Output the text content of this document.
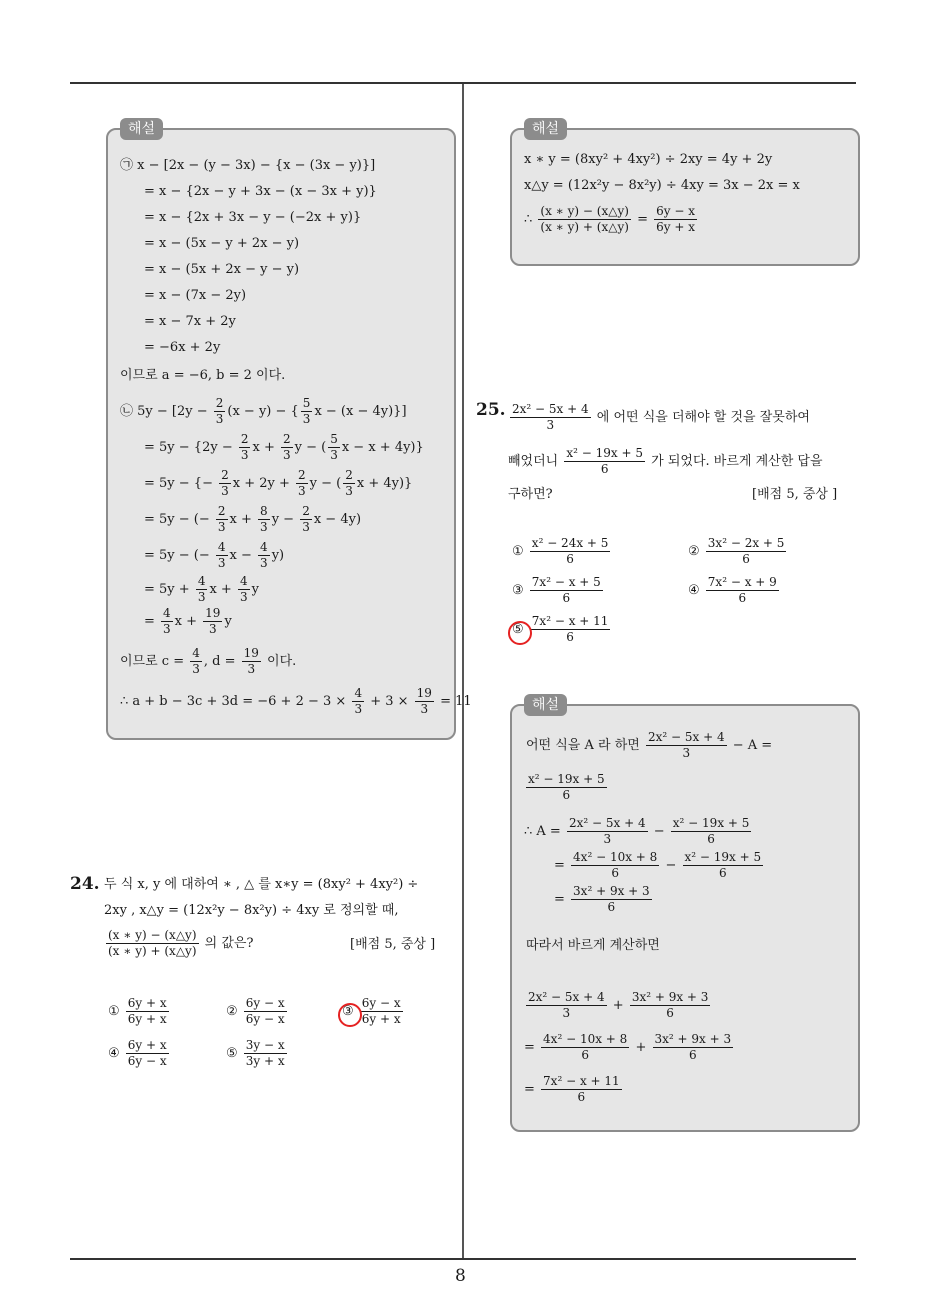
해설
㉠ x − [2x − (y − 3x) − {x − (3x − y)}]
= x − {2x − y + 3x − (x − 3x + y)}
= x − {2x + 3x − y − (−2x + y)}
= x − (5x − y + 2x − y)
= x − (5x + 2x − y − y)
= x − (7x − 2y)
= x − 7x + 2y
= −6x + 2y
이므로 a = −6, b = 2 이다.
㉡ $5y - [2y - \frac{2}{3} (x - y)$ − { $\frac{5}{3}$ x − (x − 4y)}]
= $5y - \{2y - \frac{2}{3}$ $x + \frac{2}{3}$ y − ( $\frac{5}{3}$ x − x + 4y)}
= 5y − {− $\frac{2}{3}$ $x + 2y + \frac{2}{3}$ y − ( $\frac{2}{3}$ x + 4y)}
= 5y − (− $\frac{2}{3}$ $x + \frac{8}{3}$ $y - \frac{2}{3}$ x − 4y)
= 5y − (− $\frac{4}{3}$ $x - \frac{4}{3} y$)
= $5y + \frac{4}{3}$ $x + \frac{4}{3}$ y
= $\frac{4}{3}$ $x + \frac{19}{3}$ y
이므로 $c = \frac{4}{3}$ , $d = \frac{19}{3}$ 이다.
∴ $a + b - 3c + 3d = -6 + 2 - 3 \times \frac{4}{3} + 3 \times \frac{19}{3} = 11$
24. 두 식 x, y 에 대하여 ∗ , △ 를 x∗y = (8xy² + 4xy²) ÷
2xy , x△y = (12x²y − 8x²y) ÷ 4xy 로 정의할 때,
$\frac{(x ∗ y) - (x\triangle y)}{(x ∗ y) + (x\triangle y)}$ 의 값은?	[배점 5, 중상 ]
① $\frac{6y + x}{6y + x}$	② $\frac{6y - x}{6y - x}$	③ $\frac{6y - x}{6y + x}$
④ $\frac{6y + x}{6y - x}$	⑤ $\frac{3y - x}{3y + x}$
해설
x ∗ y = (8xy² + 4xy²) ÷ 2xy = 4y + 2y
x△y = (12x²y − 8x²y) ÷ 4xy = 3x − 2x = x
∴ $\frac{(x ∗ y) - (x\triangle y)}{(x ∗ y) + (x\triangle y)} = \frac{6y - x}{6y + x}$
25. $\frac{\text{2x² − 5x + 4}}{3}$ 에 어떤 식을 더해야 할 것을 잘못하여
빼었더니 $\frac{\text{x² − 19x + 5}}{6}$ 가 되었다. 바르게 계산한 답을
구하면?	[배점 5, 중상 ]
① $\frac{\text{x² − 24x + 5}}{6}$	② $\frac{\text{3x² − 2x + 5}}{6}$
③ $\frac{\text{7x² − x + 5}}{6}$	④ $\frac{\text{7x² − x + 9}}{6}$
⑤ $\frac{\text{7x² − x + 11}}{6}$
해설
어떤 식을 A 라 하면 $\frac{\text{2x² − 5x + 4}}{3} - A$ =
$\frac{\text{x² − 19x + 5}}{6}$
∴ $A = \frac{\text{2x² − 5x + 4}}{3} - \frac{\text{x² − 19x + 5}}{6}$
= $\frac{\text{4x² − 10x + 8}}{6} - \frac{\text{x² − 19x + 5}}{6}$
= $\frac{\text{3x² + 9x + 3}}{6}$
따라서 바르게 계산하면
$\frac{\text{2x² − 5x + 4}}{3} + \frac{\text{3x² + 9x + 3}}{6}$
= $\frac{\text{4x² − 10x + 8}}{6} + \frac{\text{3x² + 9x + 3}}{6}$
= $\frac{\text{7x² − x + 11}}{6}$
8
